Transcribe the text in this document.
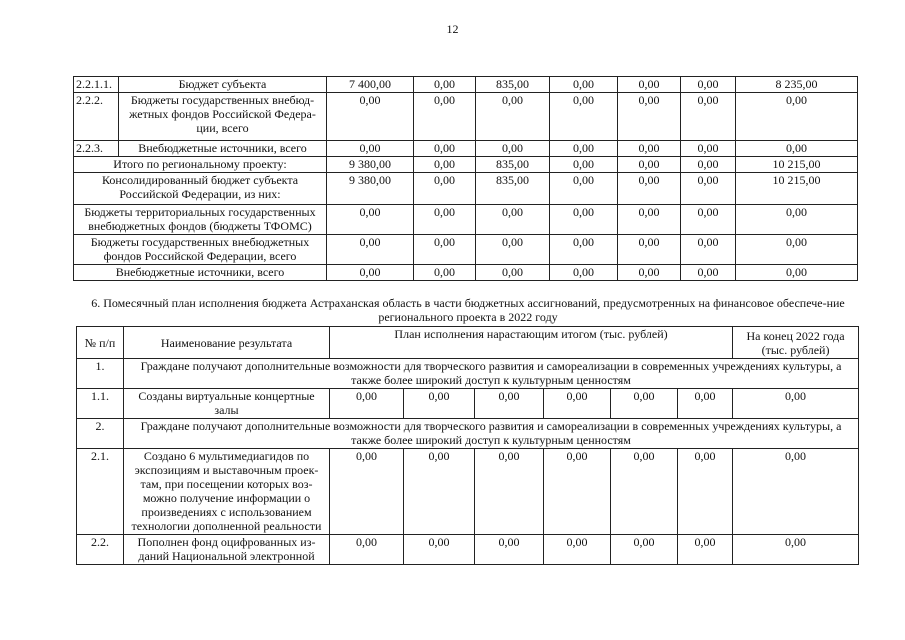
12
2.2.1.1.	Бюджет субъекта	7 400,00	0,00	835,00	0,00	0,00	0,00	8 235,00
2.2.2.	Бюджеты государственных внебюд-жетных фондов Российской Федера-ции, всего	0,00	0,00	0,00	0,00	0,00	0,00	0,00
2.2.3.	Внебюджетные источники, всего	0,00	0,00	0,00	0,00	0,00	0,00	0,00
Итого по региональному проекту:		9 380,00	0,00	835,00	0,00	0,00	0,00	10 215,00
Консолидированный бюджет субъекта Российской Федерации, из них:		9 380,00	0,00	835,00	0,00	0,00	0,00	10 215,00
Бюджеты территориальных государственных внебюджетных фондов (бюджеты ТФОМС)		0,00	0,00	0,00	0,00	0,00	0,00	0,00
Бюджеты государственных внебюджетных фондов Российской Федерации, всего		0,00	0,00	0,00	0,00	0,00	0,00	0,00
Внебюджетные источники, всего		0,00	0,00	0,00	0,00	0,00	0,00	0,00
6. Помесячный план исполнения бюджета Астраханская область в части бюджетных ассигнований, предусмотренных на финансовое обеспече-ние регионального проекта в 2022 году
№ п/п	Наименование результата	План исполнения нарастающим итогом (тыс. рублей)						На конец 2022 года (тыс. рублей)
1.	Граждане получают дополнительные возможности для творческого развития и самореализации в современных учреждениях культуры, а также более широкий доступ к культурным ценностям							
1.1.	Созданы виртуальные концертные залы	0,00	0,00	0,00	0,00	0,00	0,00	0,00
2.	Граждане получают дополнительные возможности для творческого развития и самореализации в современных учреждениях культуры, а также более широкий доступ к культурным ценностям							
2.1.	Создано 6 мультимедиагидов по экспозициям и выставочным проек-там, при посещении которых воз-можно получение информации о произведениях с использованием технологии дополненной реальности	0,00	0,00	0,00	0,00	0,00	0,00	0,00
2.2.	Пополнен фонд оцифрованных из-даний Национальной электронной	0,00	0,00	0,00	0,00	0,00	0,00	0,00
